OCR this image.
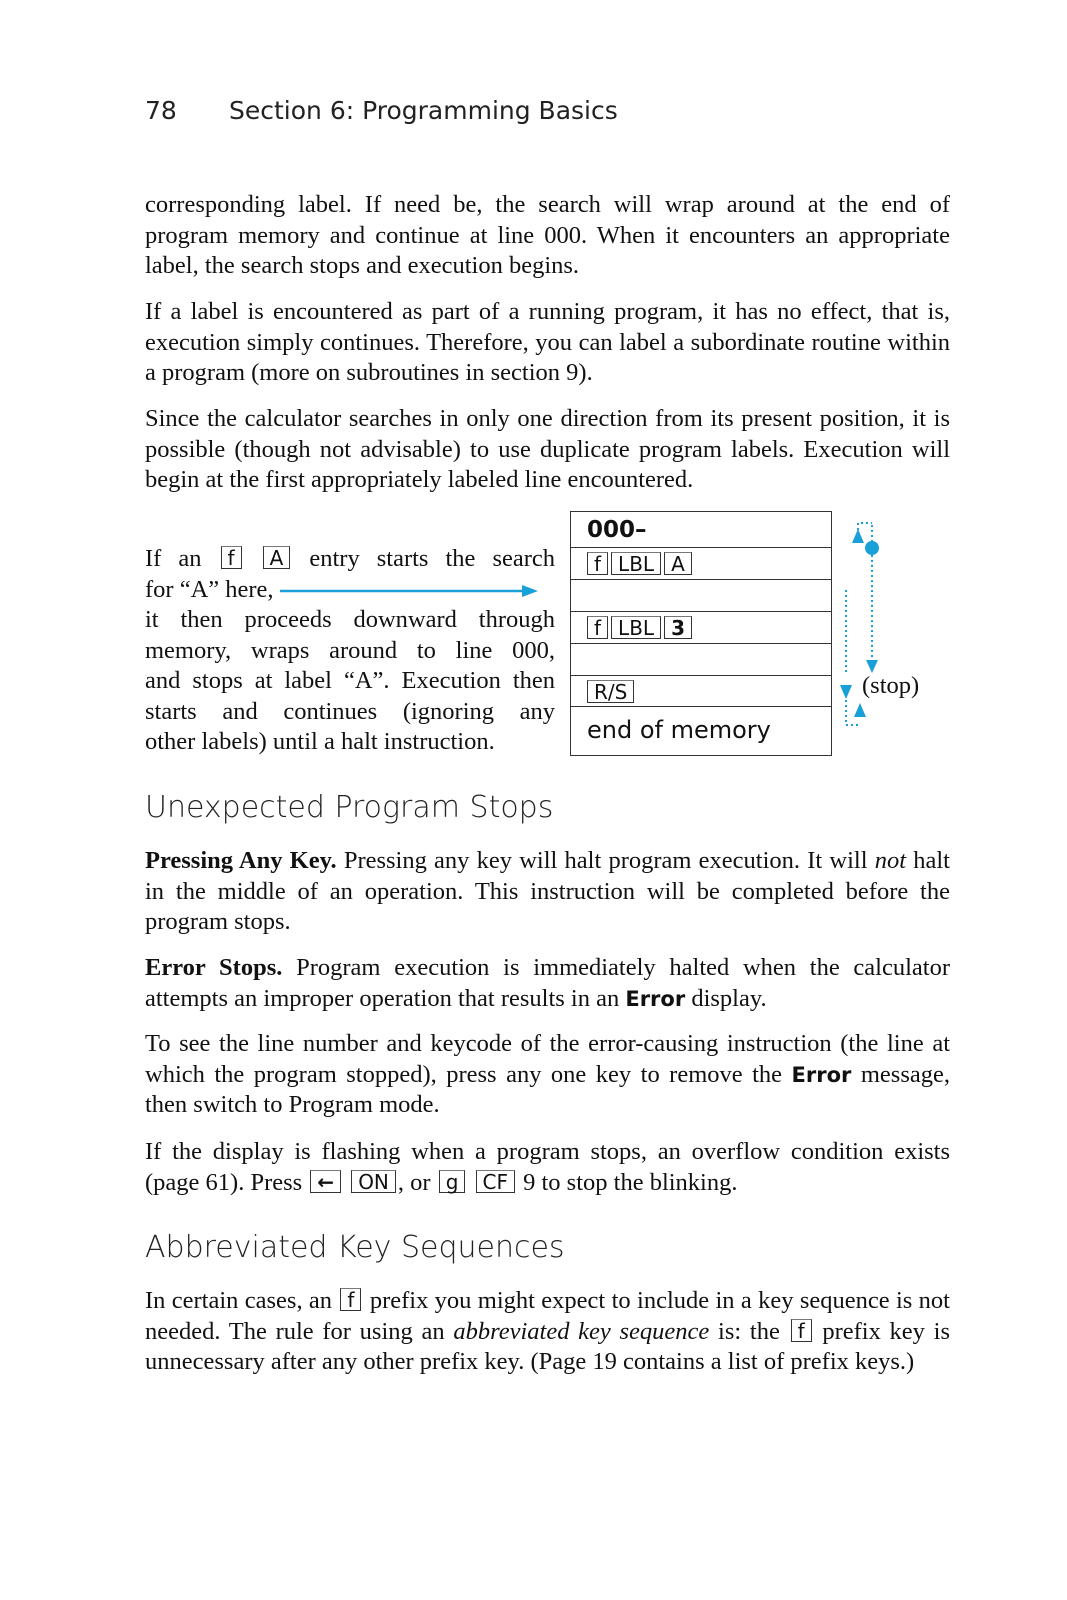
78 Section 6: Programming Basics

corresponding label. If need be, the search will wrap around at the end of program memory and continue at line 000. When it encounters an appropriate label, the search stops and execution begins.

If a label is encountered as part of a running program, it has no effect, that is, execution simply continues. Therefore, you can label a subordinate routine within a program (more on subroutines in section 9).

Since the calculator searches in only one direction from its present position, it is possible (though not advisable) to use duplicate program labels. Execution will begin at the first appropriately labeled line encountered.

If an f A entry starts the search
for “A” here,
it then proceeds downward through
memory, wraps around to line 000,
and stops at label “A”. Execution then
starts and continues (ignoring any
other labels) until a halt instruction.
000–
f LBL A
f LBL 3
R/S
end of memory
(stop)
Unexpected Program Stops

Pressing Any Key. Pressing any key will halt program execution. It will not halt in the middle of an operation. This instruction will be completed before the program stops.

Error Stops. Program execution is immediately halted when the calculator attempts an improper operation that results in an Error display.

To see the line number and keycode of the error-causing instruction (the line at which the program stopped), press any one key to remove the Error message, then switch to Program mode.

If the display is flashing when a program stops, an overflow condition exists (page 61). Press ← ON , or g CF 9 to stop the blinking.

Abbreviated Key Sequences

In certain cases, an f prefix you might expect to include in a key sequence is not needed. The rule for using an abbreviated key sequence is: the f prefix key is unnecessary after any other prefix key. (Page 19 contains a list of prefix keys.)
